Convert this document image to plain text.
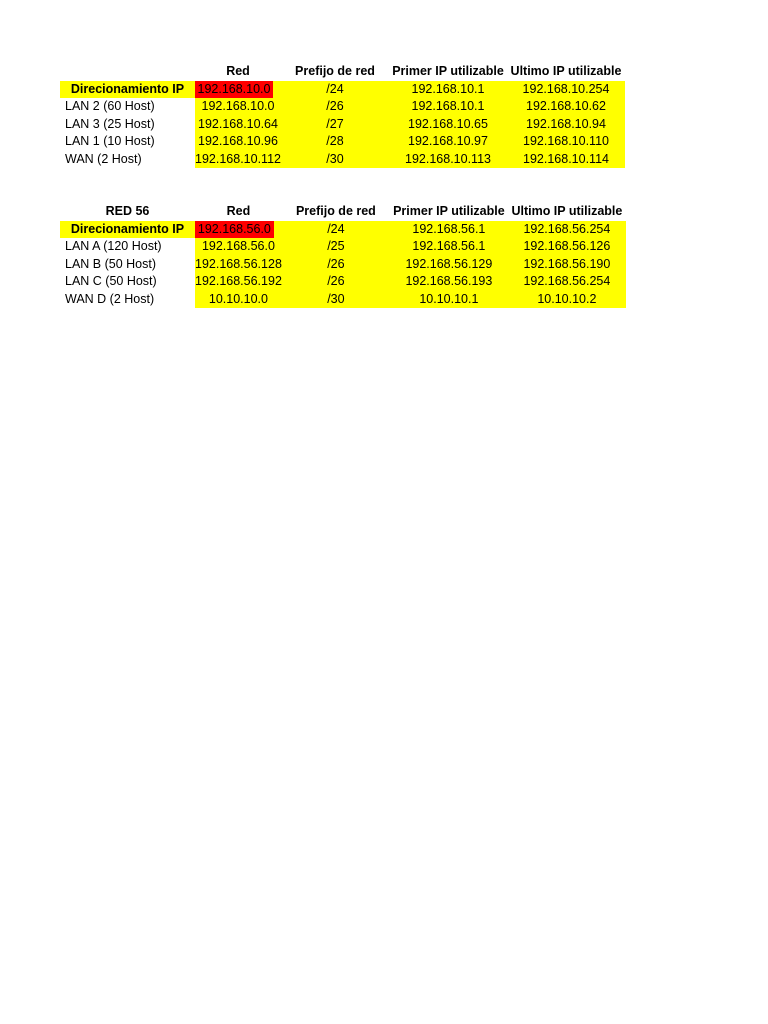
	Red		Prefijo de red	Primer IP utilizable	Ultimo IP utilizable
Direcionamiento IP	192.168.10.0		/24	192.168.10.1	192.168.10.254
LAN 2 (60 Host)	192.168.10.0		/26	192.168.10.1	192.168.10.62
LAN 3 (25 Host)	192.168.10.64		/27	192.168.10.65	192.168.10.94
LAN 1 (10 Host)	192.168.10.96		/28	192.168.10.97	192.168.10.110
WAN (2 Host)	192.168.10.112		/30	192.168.10.113	192.168.10.114
RED 56	Red		Prefijo de red	Primer IP utilizable	Ultimo IP utilizable
Direcionamiento IP	192.168.56.0		/24	192.168.56.1	192.168.56.254
LAN A (120 Host)	192.168.56.0		/25	192.168.56.1	192.168.56.126
LAN B (50 Host)	192.168.56.128		/26	192.168.56.129	192.168.56.190
LAN C (50 Host)	192.168.56.192		/26	192.168.56.193	192.168.56.254
WAN D (2 Host)	10.10.10.0		/30	10.10.10.1	10.10.10.2
